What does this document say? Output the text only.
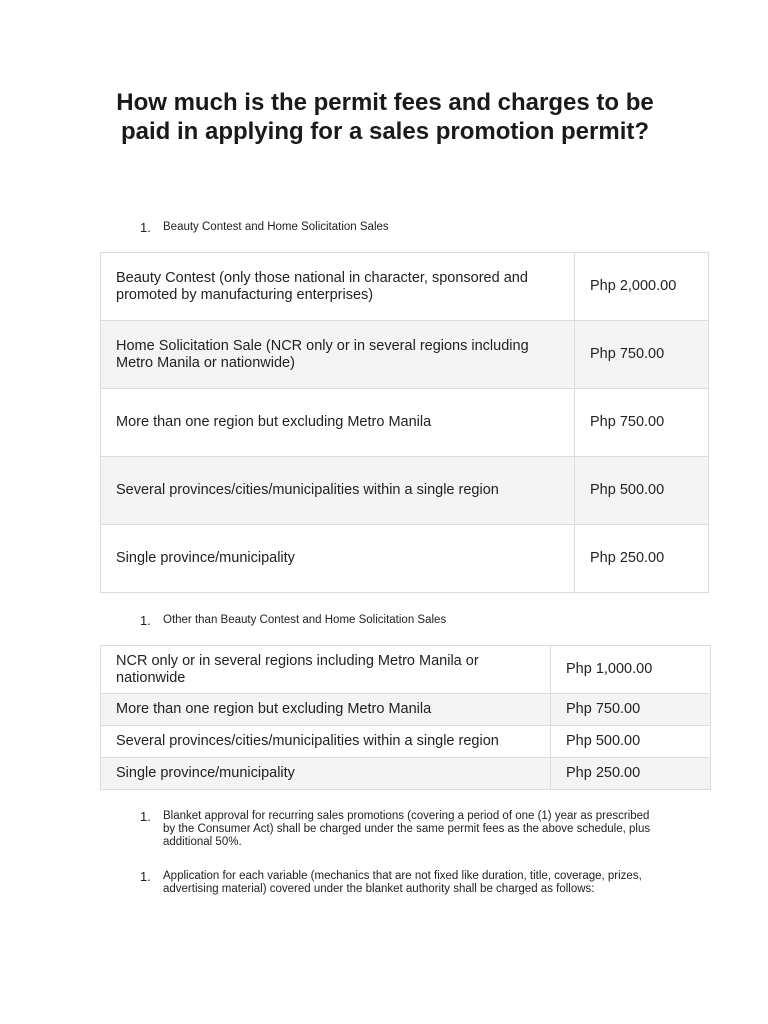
How much is the permit fees and charges to be paid in applying for a sales promotion permit?
1. Beauty Contest and Home Solicitation Sales
Beauty Contest (only those national in character, sponsored and promoted by manufacturing enterprises)	Php 2,000.00
Home Solicitation Sale (NCR only or in several regions including Metro Manila or nationwide)	Php 750.00
More than one region but excluding Metro Manila	Php 750.00
Several provinces/cities/municipalities within a single region	Php 500.00
Single province/municipality	Php 250.00
1. Other than Beauty Contest and Home Solicitation Sales
NCR only or in several regions including Metro Manila or nationwide	Php 1,000.00
More than one region but excluding Metro Manila	Php 750.00
Several provinces/cities/municipalities within a single region	Php 500.00
Single province/municipality	Php 250.00
1. Blanket approval for recurring sales promotions (covering a period of one (1) year as prescribed by the Consumer Act) shall be charged under the same permit fees as the above schedule, plus additional 50%.
1. Application for each variable (mechanics that are not fixed like duration, title, coverage, prizes, advertising material) covered under the blanket authority shall be charged as follows:
